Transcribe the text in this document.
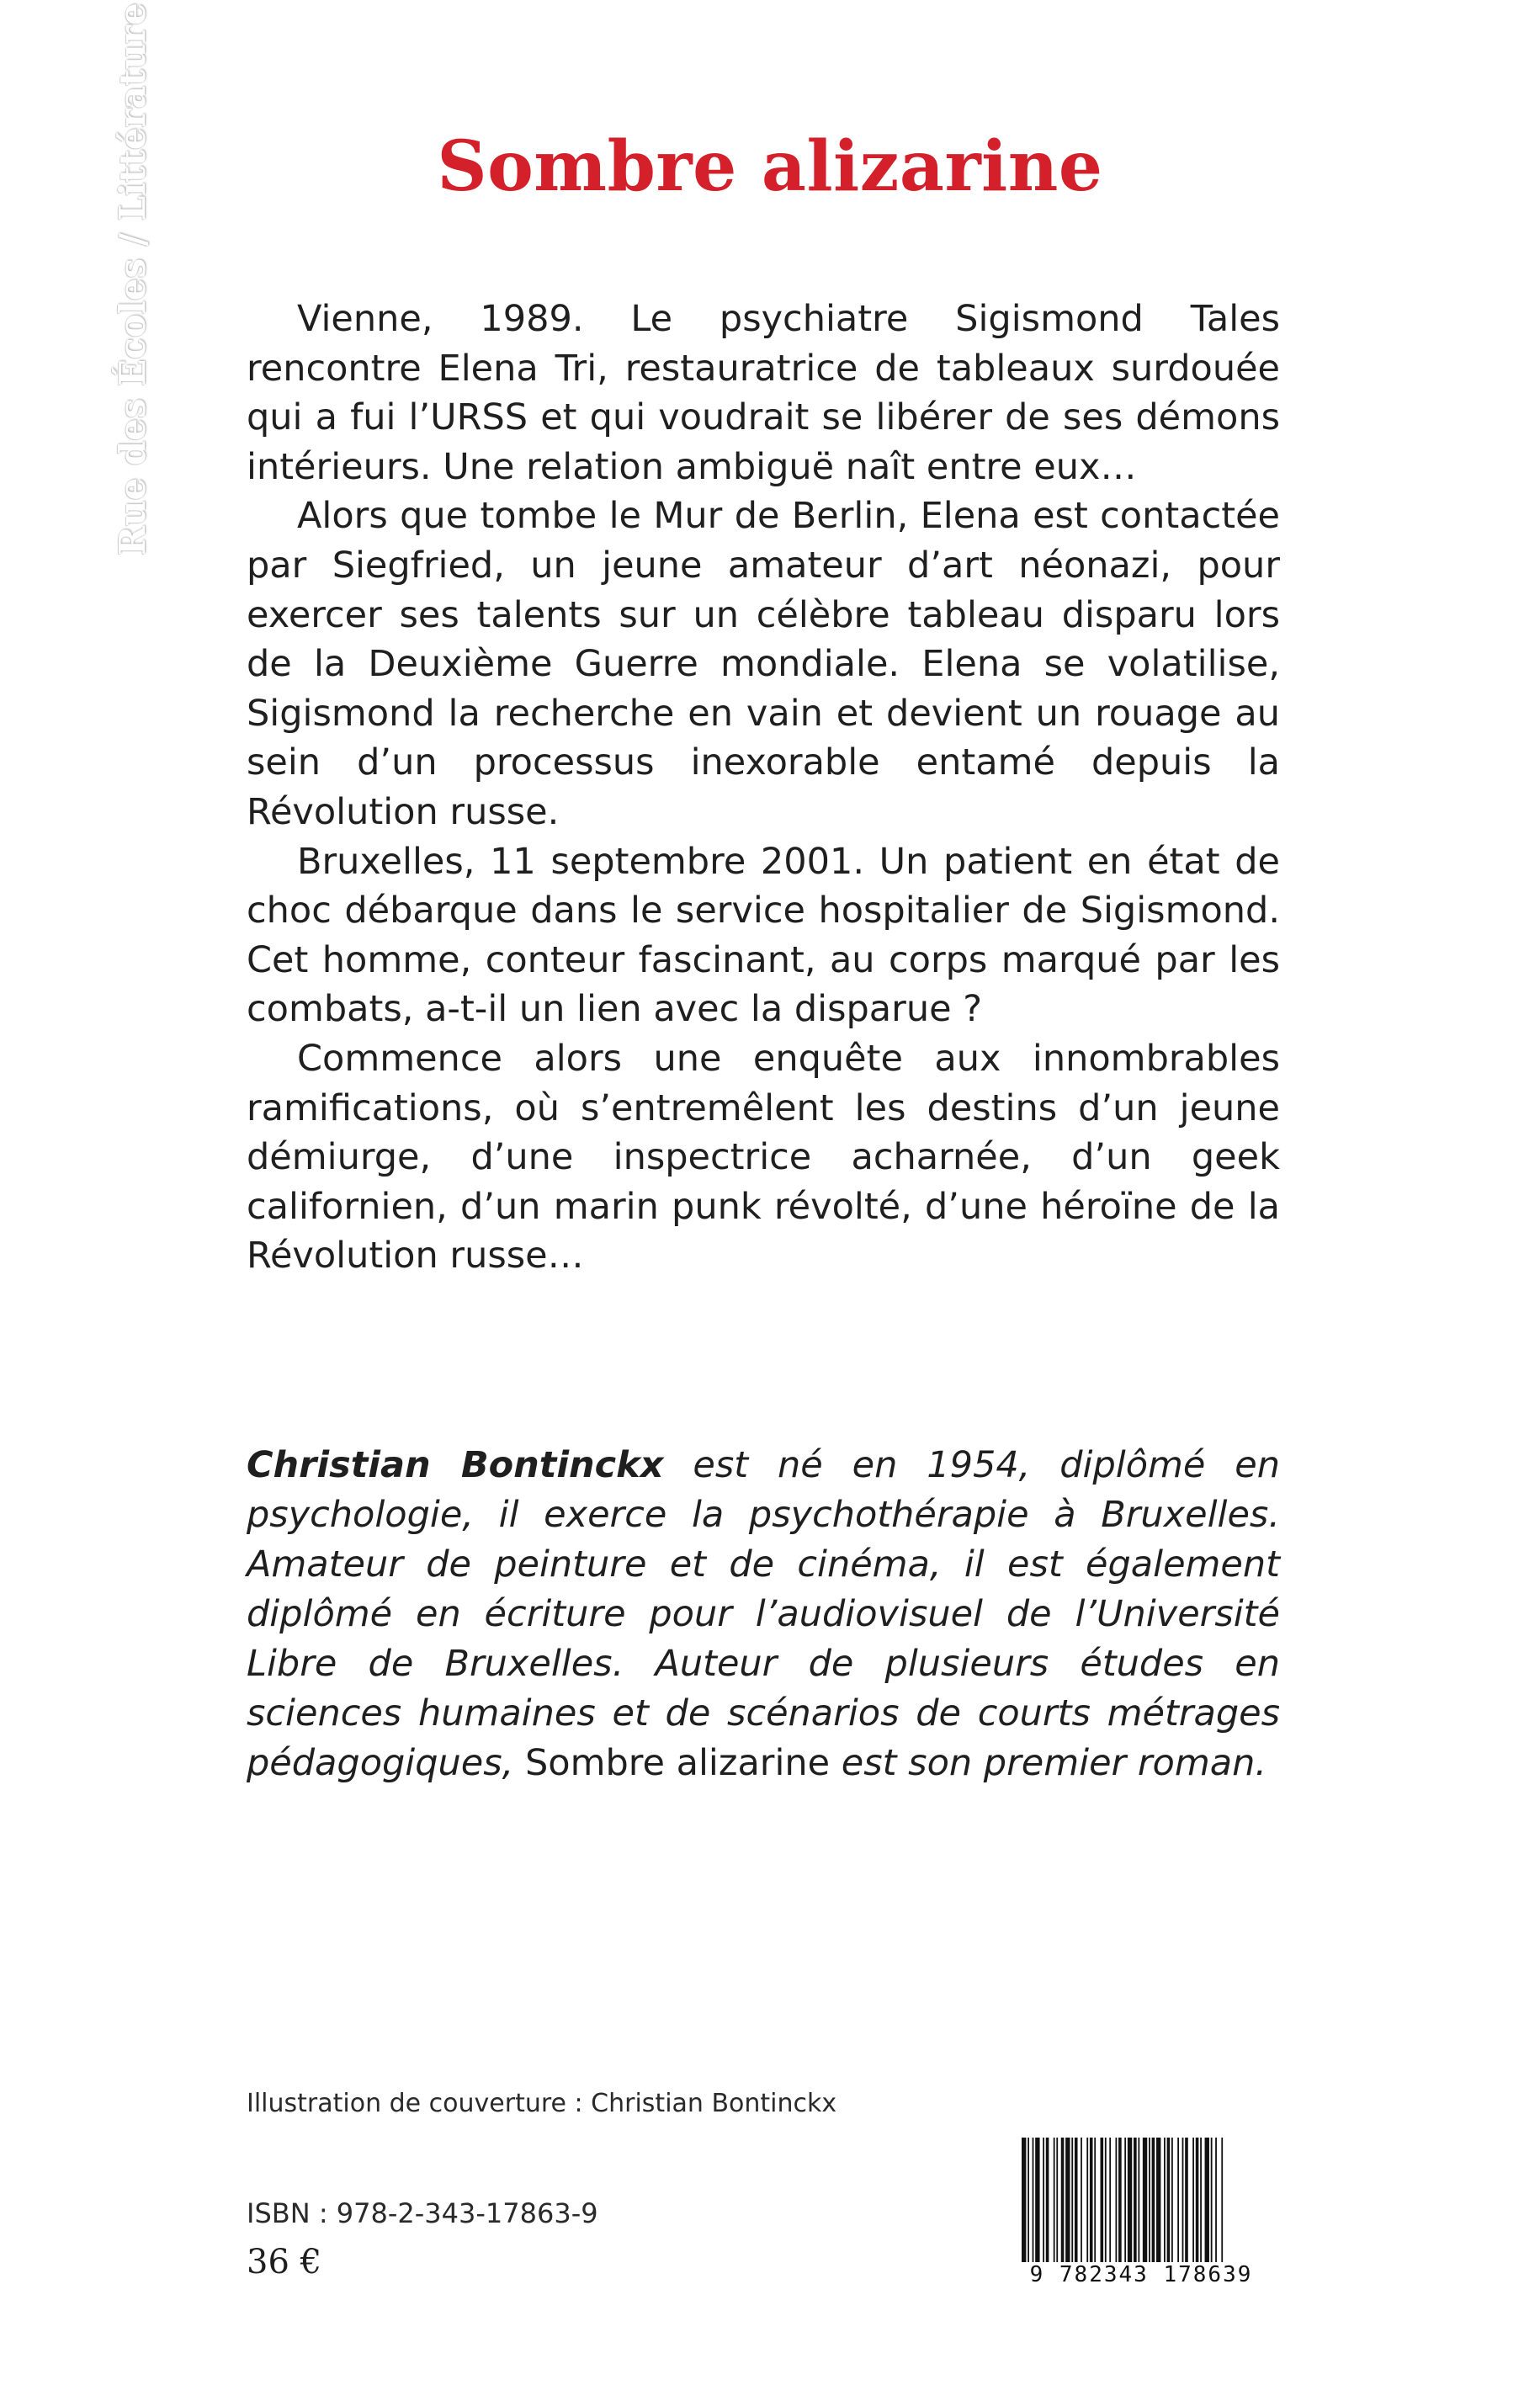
Rue des Écoles / Littérature	Sombre alizarine

Vienne, 1989. Le psychiatre Sigismond Tales rencontre Elena Tri, restauratrice de tableaux surdouée qui a fui l’URSS et qui voudrait se libérer de ses démons intérieurs. Une relation ambiguë naît entre eux…

Alors que tombe le Mur de Berlin, Elena est contactée par Siegfried, un jeune amateur d’art néonazi, pour exercer ses talents sur un célèbre tableau disparu lors de la Deuxième Guerre mondiale. Elena se volatilise, Sigismond la recherche en vain et devient un rouage au sein d’un processus inexorable entamé depuis la Révolution russe.

Bruxelles, 11 septembre 2001. Un patient en état de choc débarque dans le service hospitalier de Sigismond. Cet homme, conteur fascinant, au corps marqué par les combats, a-t-il un lien avec la disparue ?

Commence alors une enquête aux innombrables ramifications, où s’entremêlent les destins d’un jeune démiurge, d’une inspectrice acharnée, d’un geek californien, d’un marin punk révolté, d’une héroïne de la Révolution russe…

Christian Bontinckx est né en 1954, diplômé en psychologie, il exerce la psychothérapie à Bruxelles. Amateur de peinture et de cinéma, il est également diplômé en écriture pour l’audiovisuel de l’Université Libre de Bruxelles. Auteur de plusieurs études en sciences humaines et de scénarios de courts métrages pédagogiques, Sombre alizarine est son premier roman.
Illustration de couverture : Christian Bontinckx
ISBN : 978-2-343-17863-9
36 €	9 782343 178639
